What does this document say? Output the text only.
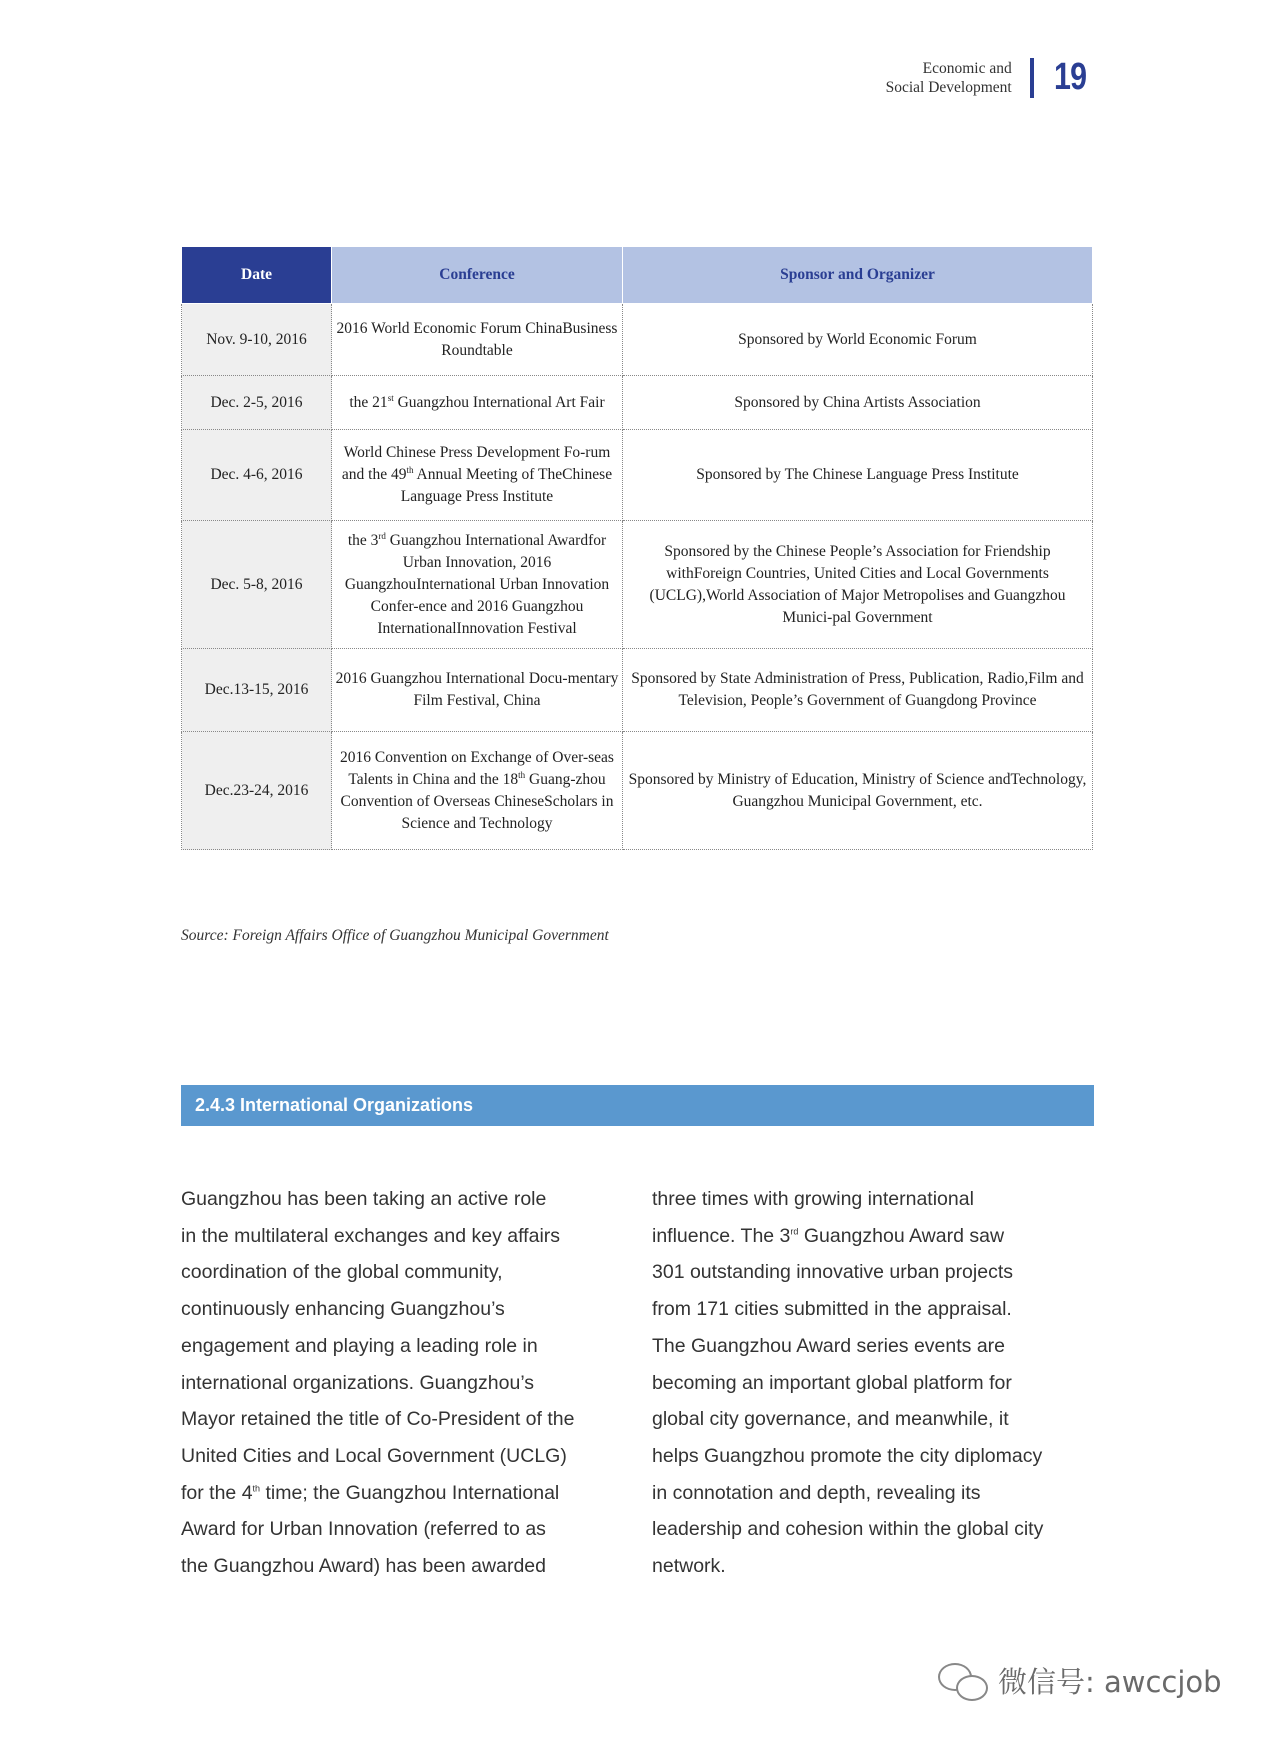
Economic and
Social Development 19
Date	Conference	Sponsor and Organizer
Nov. 9-10, 2016	2016 World Economic Forum ChinaBusiness Roundtable	Sponsored by World Economic Forum
Dec. 2-5, 2016	the 21st Guangzhou International Art Fair	Sponsored by China Artists Association
Dec. 4-6, 2016	World Chinese Press Development Fo-rum and the 49th Annual Meeting of TheChinese Language Press Institute	Sponsored by The Chinese Language Press Institute
Dec. 5-8, 2016	the 3rd Guangzhou International Awardfor Urban Innovation, 2016 GuangzhouInternational Urban Innovation Confer-ence and 2016 Guangzhou InternationalInnovation Festival	Sponsored by the Chinese People’s Association for Friendship withForeign Countries, United Cities and Local Governments (UCLG),World Association of Major Metropolises and Guangzhou Munici-pal Government
Dec.13-15, 2016	2016 Guangzhou International Docu-mentary Film Festival, China	Sponsored by State Administration of Press, Publication, Radio,Film and Television, People’s Government of Guangdong Province
Dec.23-24, 2016	2016 Convention on Exchange of Over-seas Talents in China and the 18th Guang-zhou Convention of Overseas ChineseScholars in Science and Technology	Sponsored by Ministry of Education, Ministry of Science andTechnology, Guangzhou Municipal Government, etc.
Source: Foreign Affairs Office of Guangzhou Municipal Government
2.4.3 International Organizations
Guangzhou has been taking an active role
in the multilateral exchanges and key affairs
coordination of the global community,
continuously enhancing Guangzhou’s
engagement and playing a leading role in
international organizations. Guangzhou’s
Mayor retained the title of Co-President of the
United Cities and Local Government (UCLG)
for the 4th time; the Guangzhou International
Award for Urban Innovation (referred to as
the Guangzhou Award) has been awarded
three times with growing international
influence. The 3rd Guangzhou Award saw
301 outstanding innovative urban projects
from 171 cities submitted in the appraisal.
The Guangzhou Award series events are
becoming an important global platform for
global city governance, and meanwhile, it
helps Guangzhou promote the city diplomacy
in connotation and depth, revealing its
leadership and cohesion within the global city
network.
微信号: awccjob
